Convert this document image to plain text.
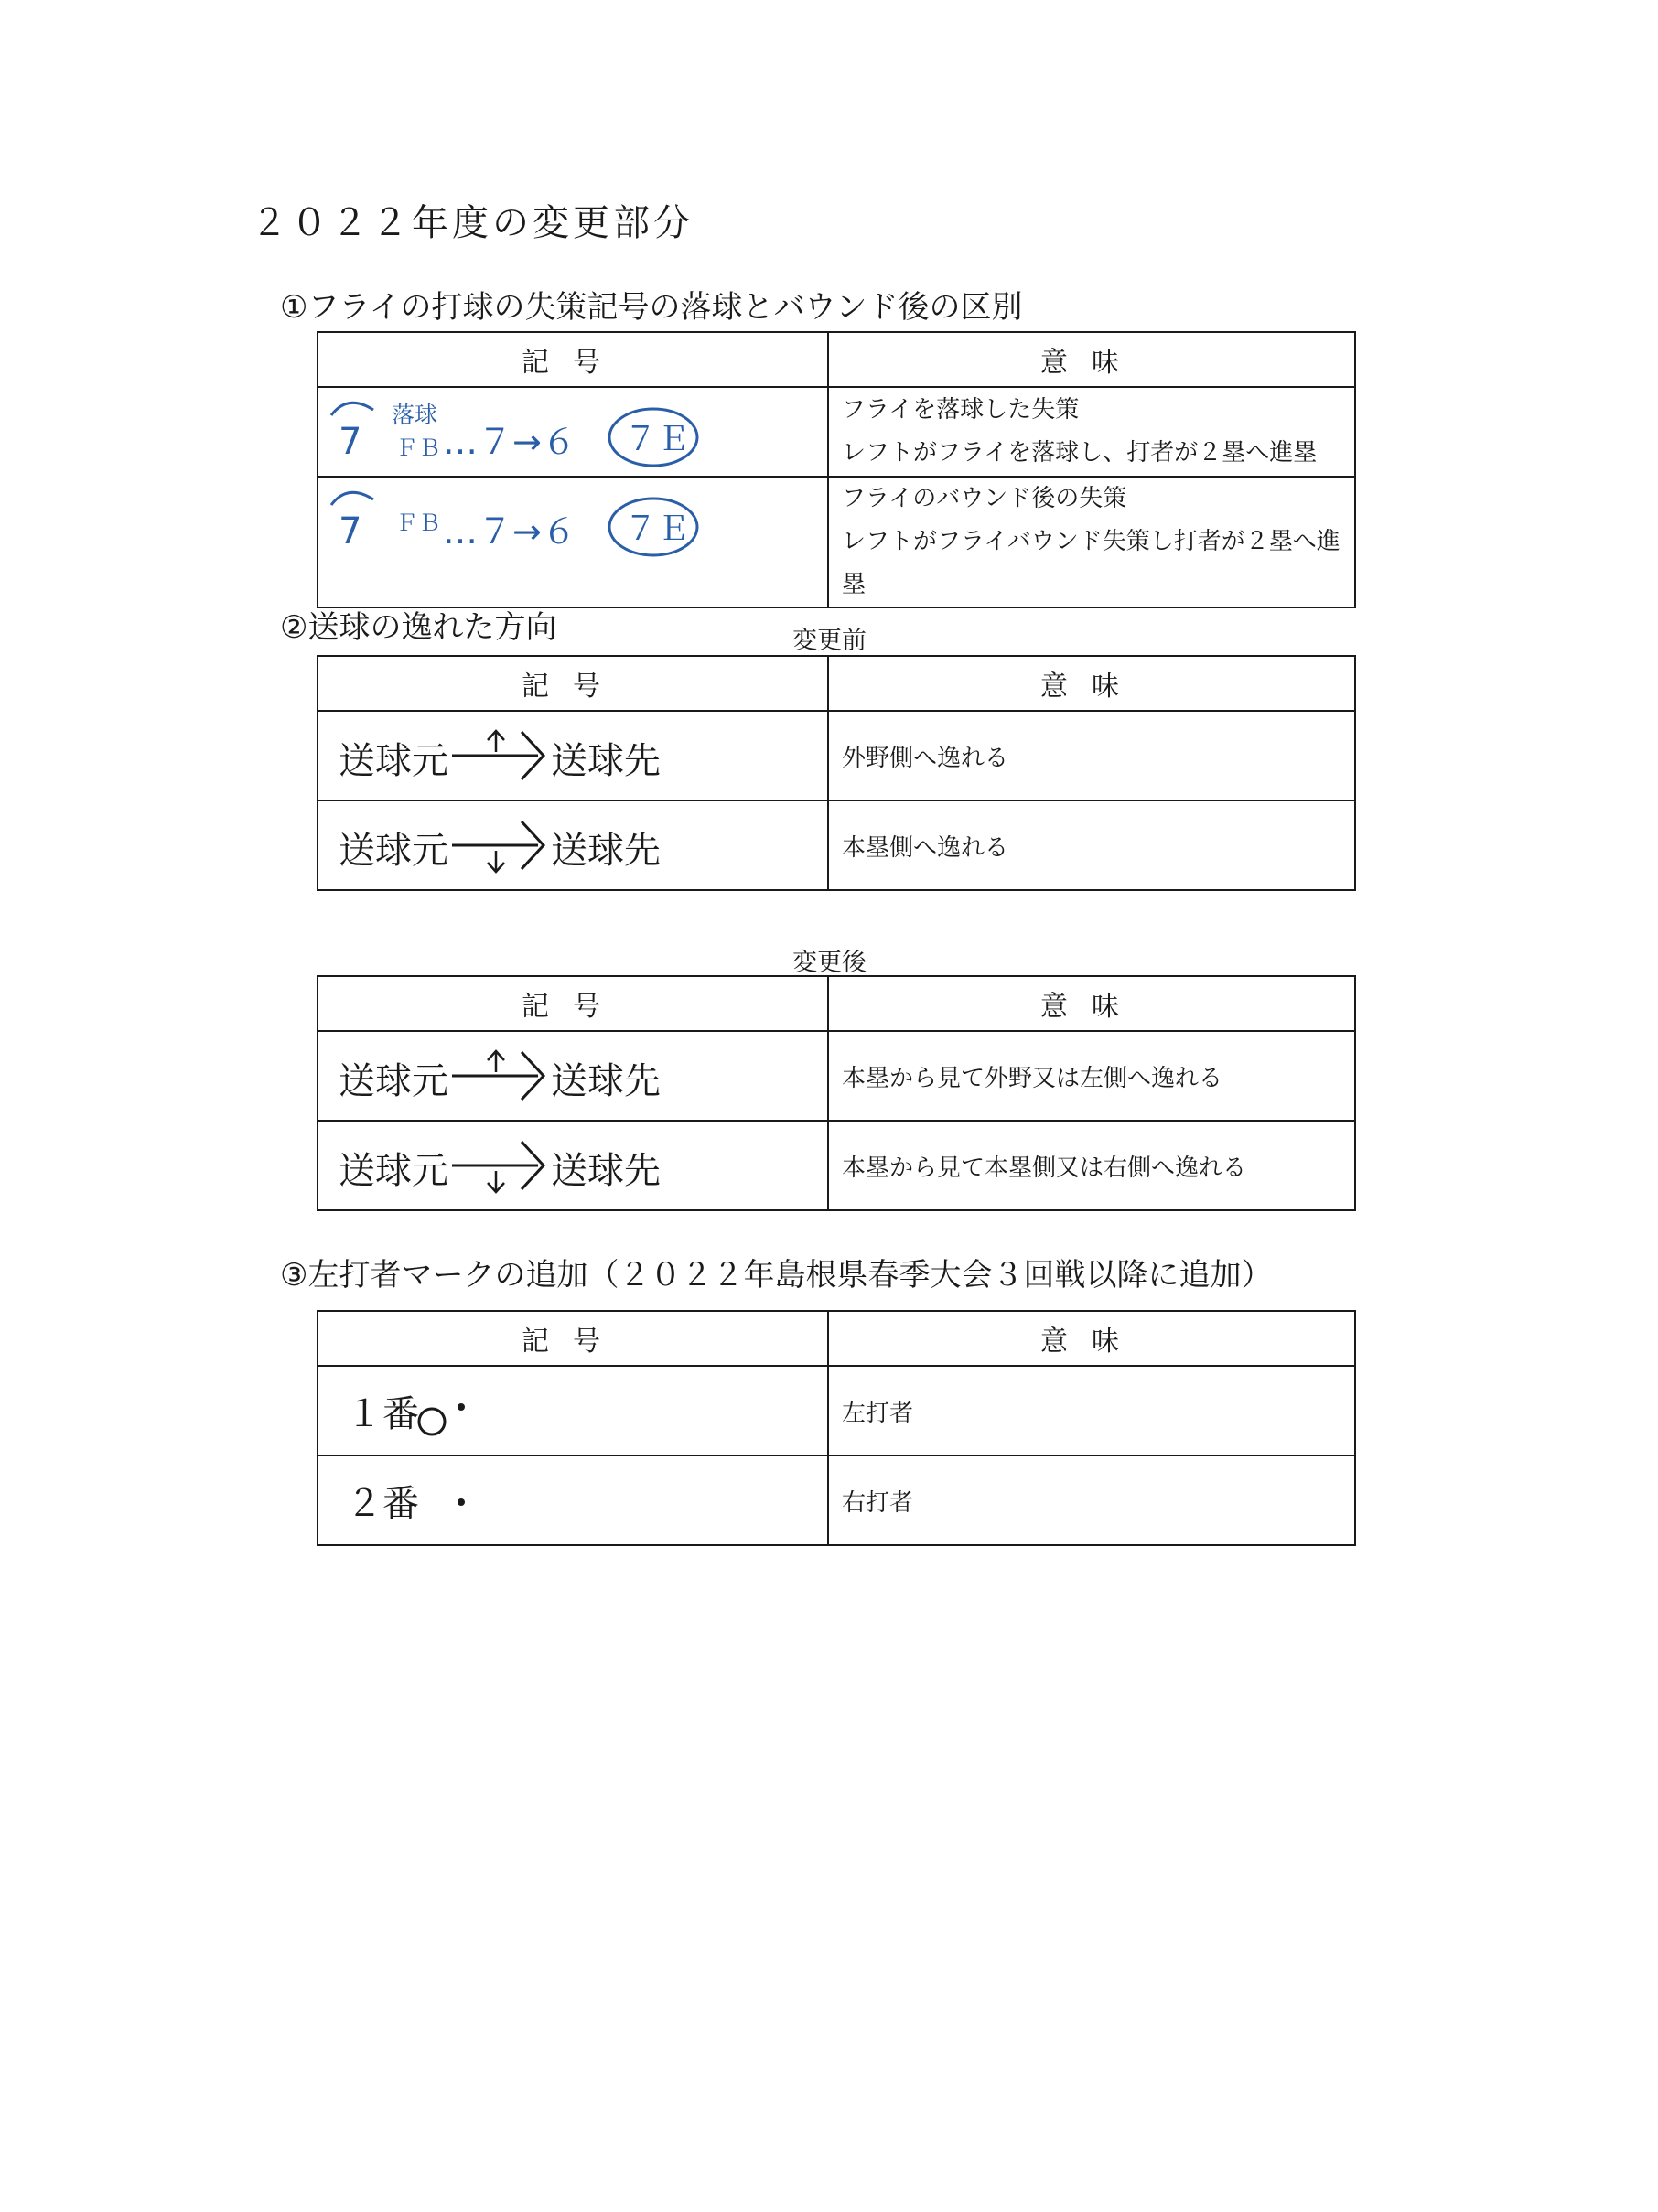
２０２２年度の変更部分
①フライの打球の失策記号の落球とバウンド後の区別
記号	意味

7
落球
ＦＢ …７→６ ７Ｅ	フライを落球した失策
レフトがフライを落球し、打者が２塁へ進塁

7 ＦＢ …７→６ ７Ｅ	フライのバウンド後の失策
レフトがフライバウンド失策し打者が２塁へ進塁
②送球の逸れた方向	変更前
記号	意味

送球元 送球先	外野側へ逸れる

送球元 送球先	本塁側へ逸れる
変更後
記号	意味

送球元 送球先	本塁から見て外野又は左側へ逸れる

送球元 送球先	本塁から見て本塁側又は右側へ逸れる
③左打者マークの追加（２０２２年島根県春季大会３回戦以降に追加）
記号	意味

１番	左打者

２番	右打者
